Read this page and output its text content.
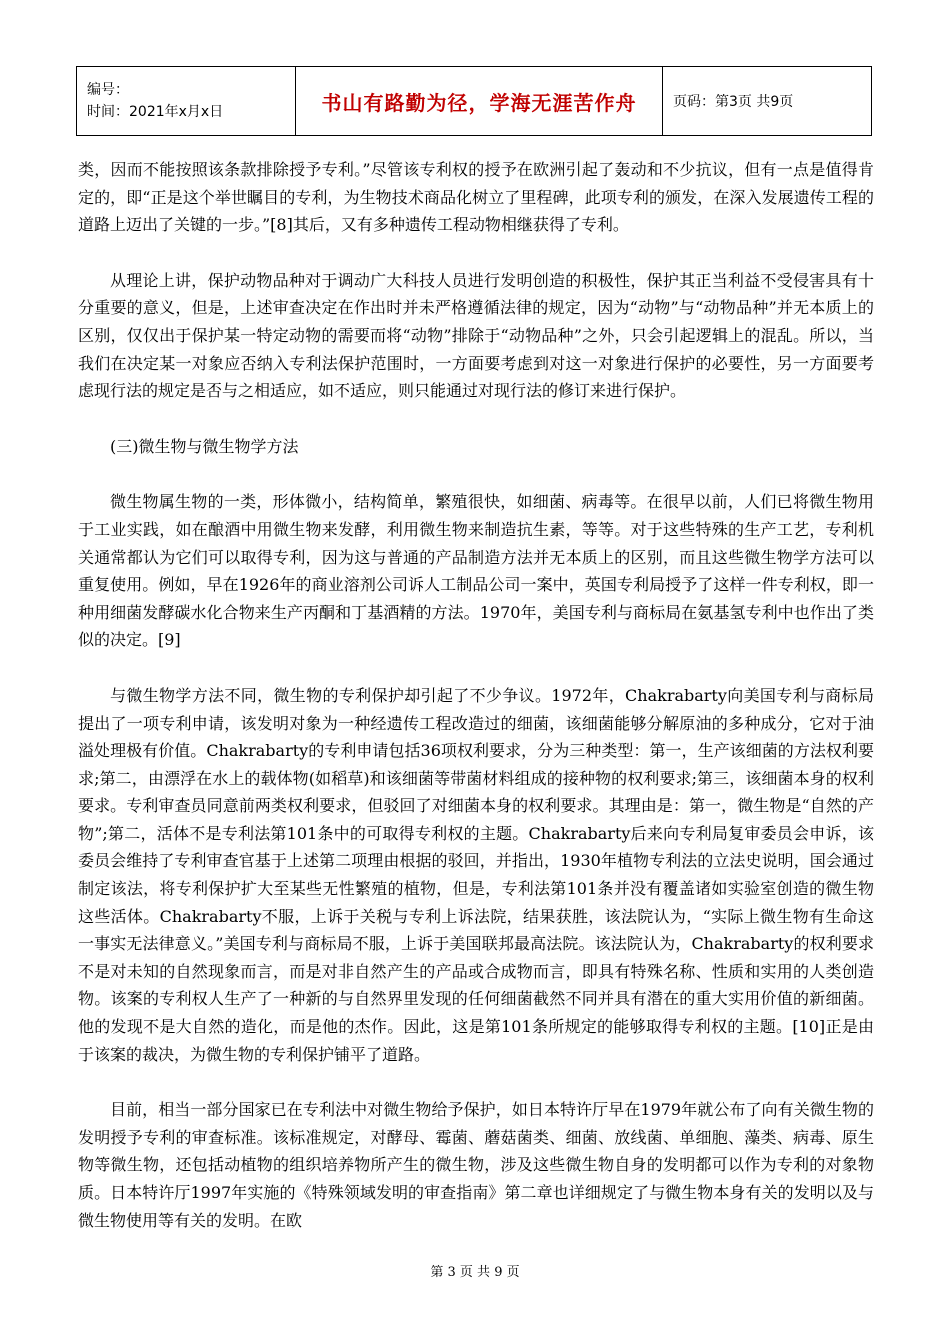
编号：
时间：2021年x月x日	书山有路勤为径，学海无涯苦作舟	页码：第3页 共9页

类，因而不能按照该条款排除授予专利。”尽管该专利权的授予在欧洲引起了轰动和不少抗议，但有一点是值得肯定的，即“正是这个举世瞩目的专利，为生物技术商品化树立了里程碑，此项专利的颁发，在深入发展遗传工程的道路上迈出了关键的一步。”[8]其后，又有多种遗传工程动物相继获得了专利。

从理论上讲，保护动物品种对于调动广大科技人员进行发明创造的积极性，保护其正当利益不受侵害具有十分重要的意义，但是，上述审查决定在作出时并未严格遵循法律的规定，因为“动物”与“动物品种”并无本质上的区别，仅仅出于保护某一特定动物的需要而将“动物”排除于“动物品种”之外，只会引起逻辑上的混乱。所以，当我们在决定某一对象应否纳入专利法保护范围时，一方面要考虑到对这一对象进行保护的必要性，另一方面要考虑现行法的规定是否与之相适应，如不适应，则只能通过对现行法的修订来进行保护。

(三)微生物与微生物学方法

微生物属生物的一类，形体微小，结构简单，繁殖很快，如细菌、病毒等。在很早以前，人们已将微生物用于工业实践，如在酿酒中用微生物来发酵，利用微生物来制造抗生素，等等。对于这些特殊的生产工艺，专利机关通常都认为它们可以取得专利，因为这与普通的产品制造方法并无本质上的区别，而且这些微生物学方法可以重复使用。例如，早在1926年的商业溶剂公司诉人工制品公司一案中，英国专利局授予了这样一件专利权，即一种用细菌发酵碳水化合物来生产丙酮和丁基酒精的方法。1970年，美国专利与商标局在氨基氢专利中也作出了类似的决定。[9]

与微生物学方法不同，微生物的专利保护却引起了不少争议。1972年，Chakrabarty向美国专利与商标局提出了一项专利申请，该发明对象为一种经遗传工程改造过的细菌，该细菌能够分解原油的多种成分，它对于油溢处理极有价值。Chakrabarty的专利申请包括36项权利要求，分为三种类型：第一，生产该细菌的方法权利要求;第二，由漂浮在水上的载体物(如稻草)和该细菌等带菌材料组成的接种物的权利要求;第三，该细菌本身的权利要求。专利审查员同意前两类权利要求，但驳回了对细菌本身的权利要求。其理由是：第一，微生物是“自然的产物”;第二，活体不是专利法第101条中的可取得专利权的主题。Chakrabarty后来向专利局复审委员会申诉，该委员会维持了专利审查官基于上述第二项理由根据的驳回，并指出，1930年植物专利法的立法史说明，国会通过制定该法，将专利保护扩大至某些无性繁殖的植物，但是，专利法第101条并没有覆盖诸如实验室创造的微生物这些活体。Chakrabarty不服，上诉于关税与专利上诉法院，结果获胜，该法院认为，“实际上微生物有生命这一事实无法律意义。”美国专利与商标局不服，上诉于美国联邦最高法院。该法院认为，Chakrabarty的权利要求不是对未知的自然现象而言，而是对非自然产生的产品或合成物而言，即具有特殊名称、性质和实用的人类创造物。该案的专利权人生产了一种新的与自然界里发现的任何细菌截然不同并具有潜在的重大实用价值的新细菌。他的发现不是大自然的造化，而是他的杰作。因此，这是第101条所规定的能够取得专利权的主题。[10]正是由于该案的裁决，为微生物的专利保护铺平了道路。

目前，相当一部分国家已在专利法中对微生物给予保护，如日本特许厅早在1979年就公布了向有关微生物的发明授予专利的审查标准。该标准规定，对酵母、霉菌、蘑菇菌类、细菌、放线菌、单细胞、藻类、病毒、原生物等微生物，还包括动植物的组织培养物所产生的微生物，涉及这些微生物自身的发明都可以作为专利的对象物质。日本特许厅1997年实施的《特殊领域发明的审查指南》第二章也详细规定了与微生物本身有关的发明以及与微生物使用等有关的发明。在欧

第 3 页 共 9 页
